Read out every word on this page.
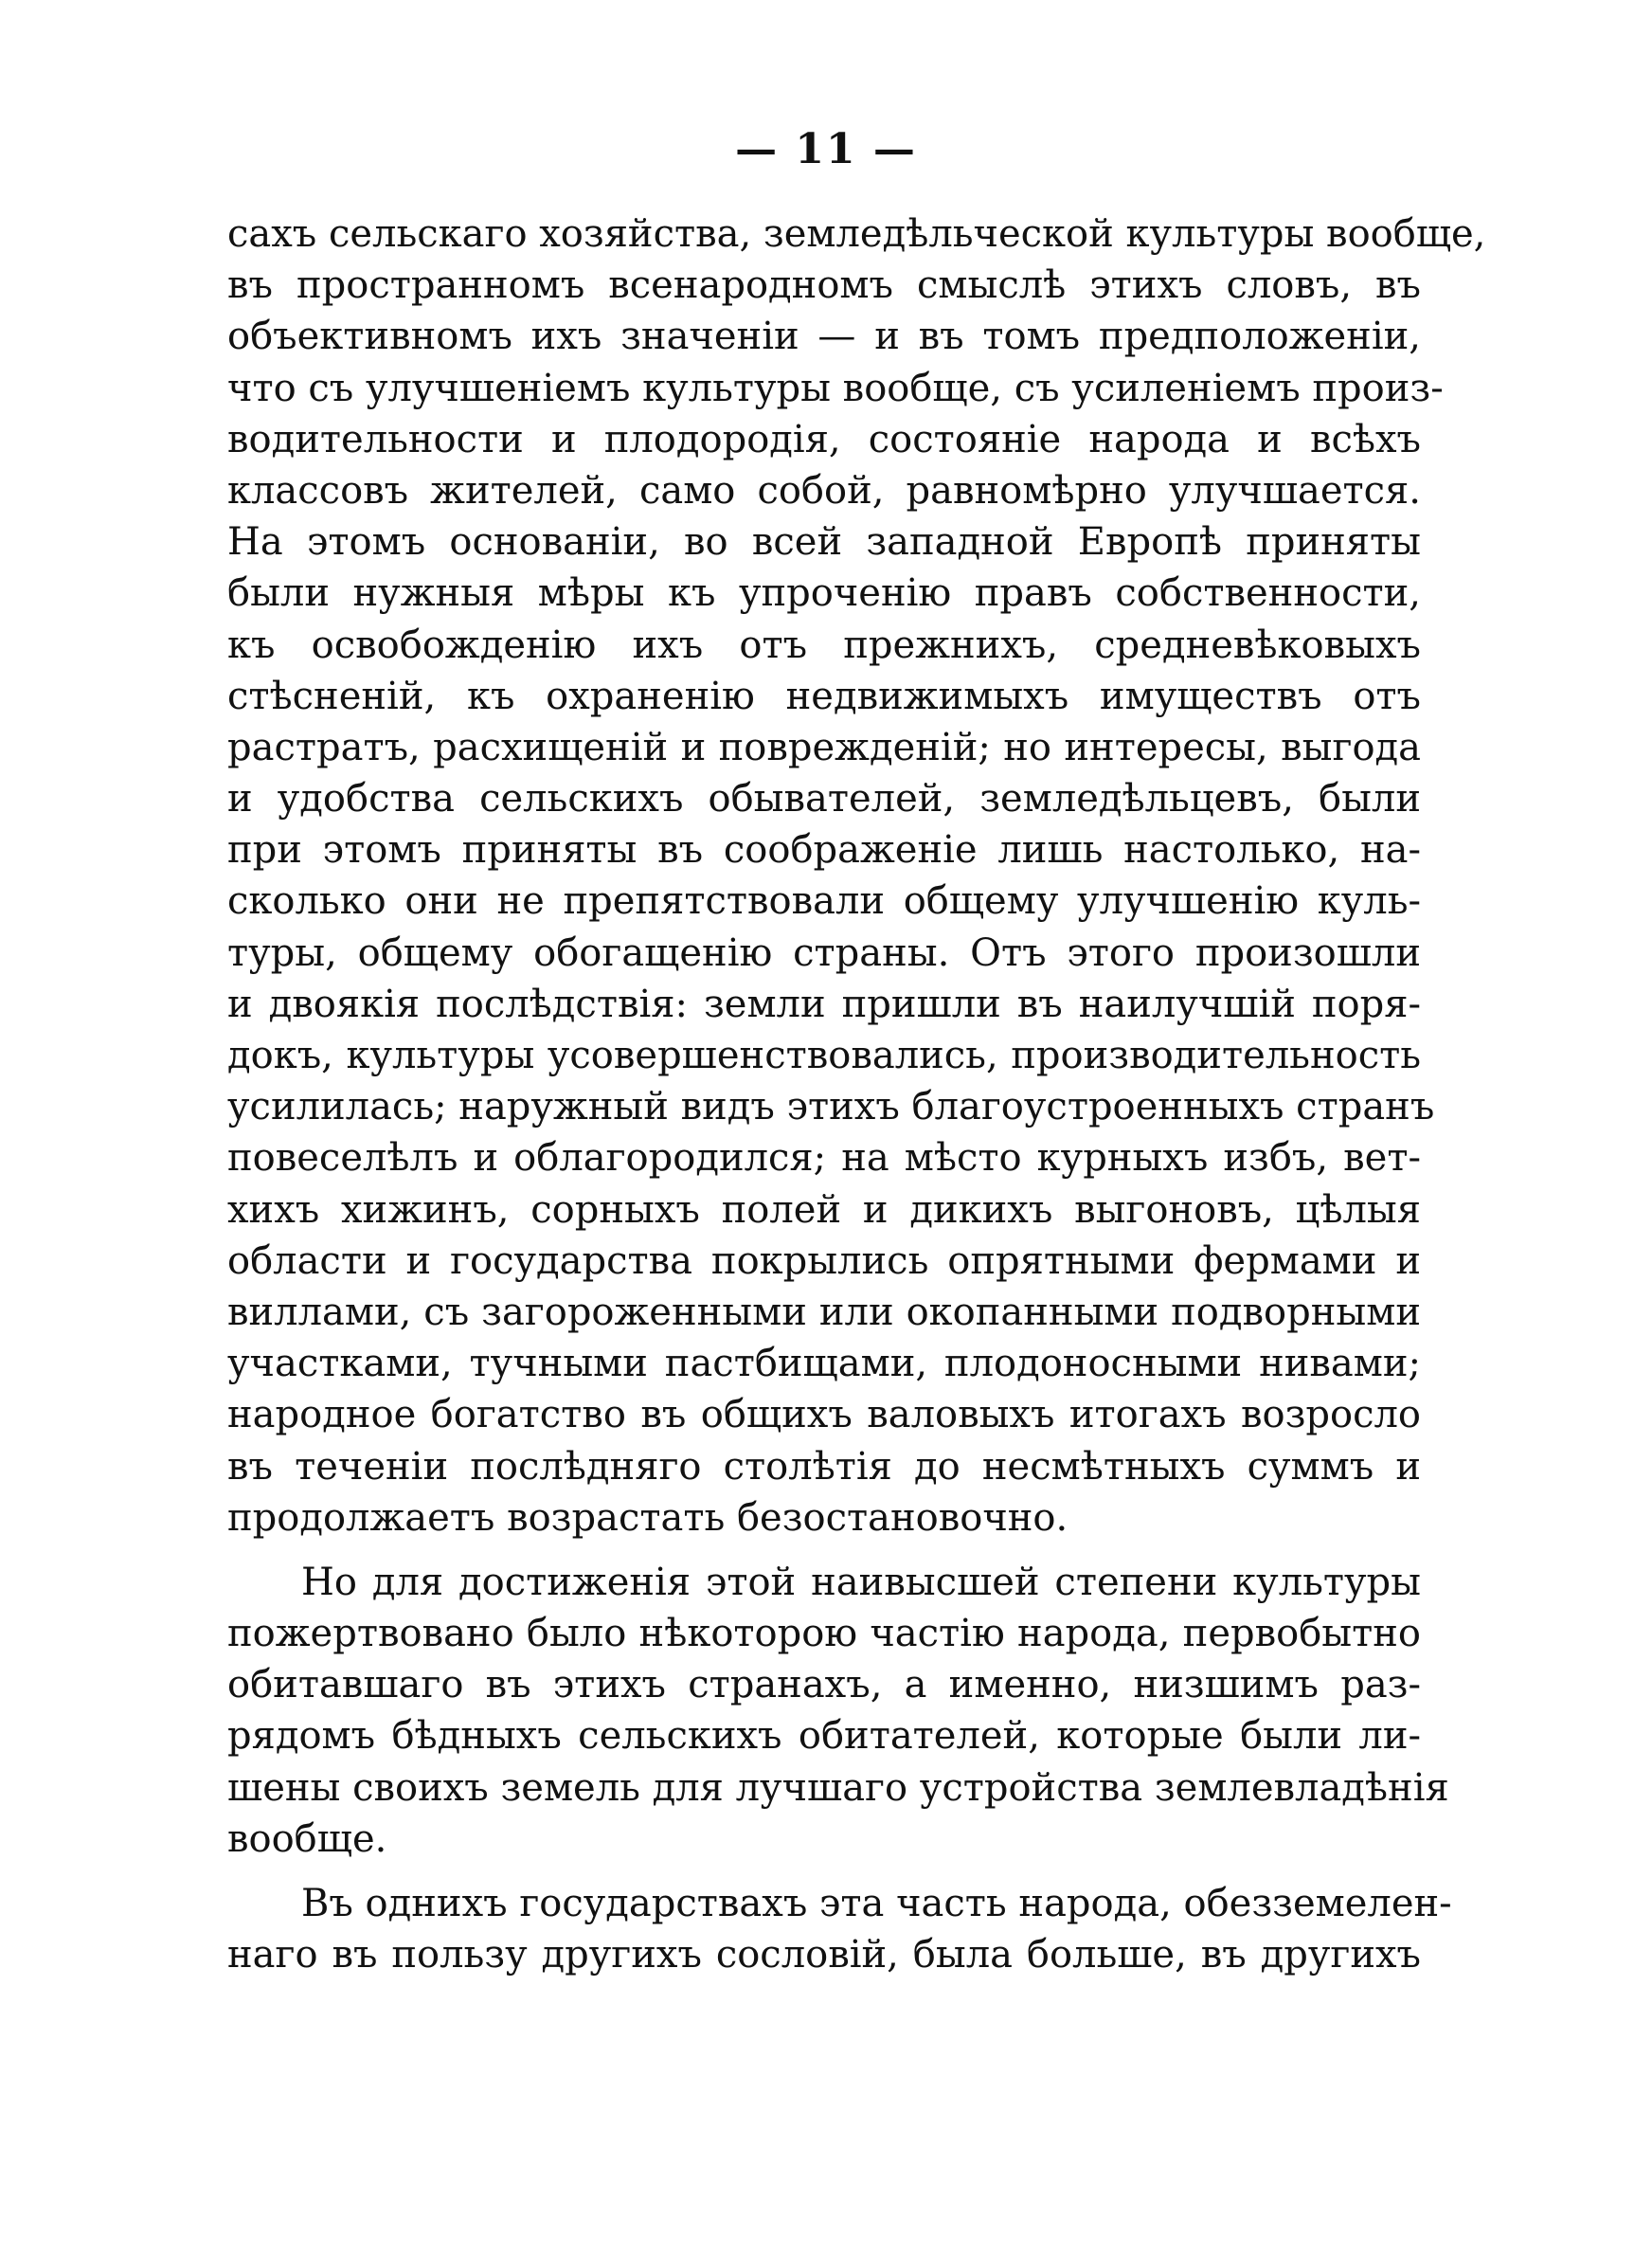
— 11 —
сахъ сельскаго хозяйства, земледѣльческой культуры вообще,
въ пространномъ всенародномъ смыслѣ этихъ словъ, въ
объективномъ ихъ значеніи — и въ томъ предположеніи,
что съ улучшеніемъ культуры вообще, съ усиленіемъ произ-
водительности и плодородія, состояніе народа и всѣхъ
классовъ жителей, само собой, равномѣрно улучшается.
На этомъ основаніи, во всей западной Европѣ приняты
были нужныя мѣры къ упроченію правъ собственности,
къ освобожденію ихъ отъ прежнихъ, средневѣковыхъ
стѣсненій, къ охраненію недвижимыхъ имуществъ отъ
растратъ, расхищеній и поврежденій; но интересы, выгода
и удобства сельскихъ обывателей, земледѣльцевъ, были
при этомъ приняты въ соображеніе лишь настолько, на-
сколько они не препятствовали общему улучшенію куль-
туры, общему обогащенію страны. Отъ этого произошли
и двоякія послѣдствія: земли пришли въ наилучшій поря-
докъ, культуры усовершенствовались, производительность
усилилась; наружный видъ этихъ благоустроенныхъ странъ
повеселѣлъ и облагородился; на мѣсто курныхъ избъ, вет-
хихъ хижинъ, сорныхъ полей и дикихъ выгоновъ, цѣлыя
области и государства покрылись опрятными фермами и
виллами, съ загороженными или окопанными подворными
участками, тучными пастбищами, плодоносными нивами;
народное богатство въ общихъ валовыхъ итогахъ возросло
въ теченіи послѣдняго столѣтія до несмѣтныхъ суммъ и
продолжаетъ возрастать безостановочно.
Но для достиженія этой наивысшей степени культуры
пожертвовано было нѣкоторою частію народа, первобытно
обитавшаго въ этихъ странахъ, а именно, низшимъ раз-
рядомъ бѣдныхъ сельскихъ обитателей, которые были ли-
шены своихъ земель для лучшаго устройства землевладѣнія
вообще.
Въ однихъ государствахъ эта часть народа, обезземелен-
наго въ пользу другихъ сословій, была больше, въ другихъ
